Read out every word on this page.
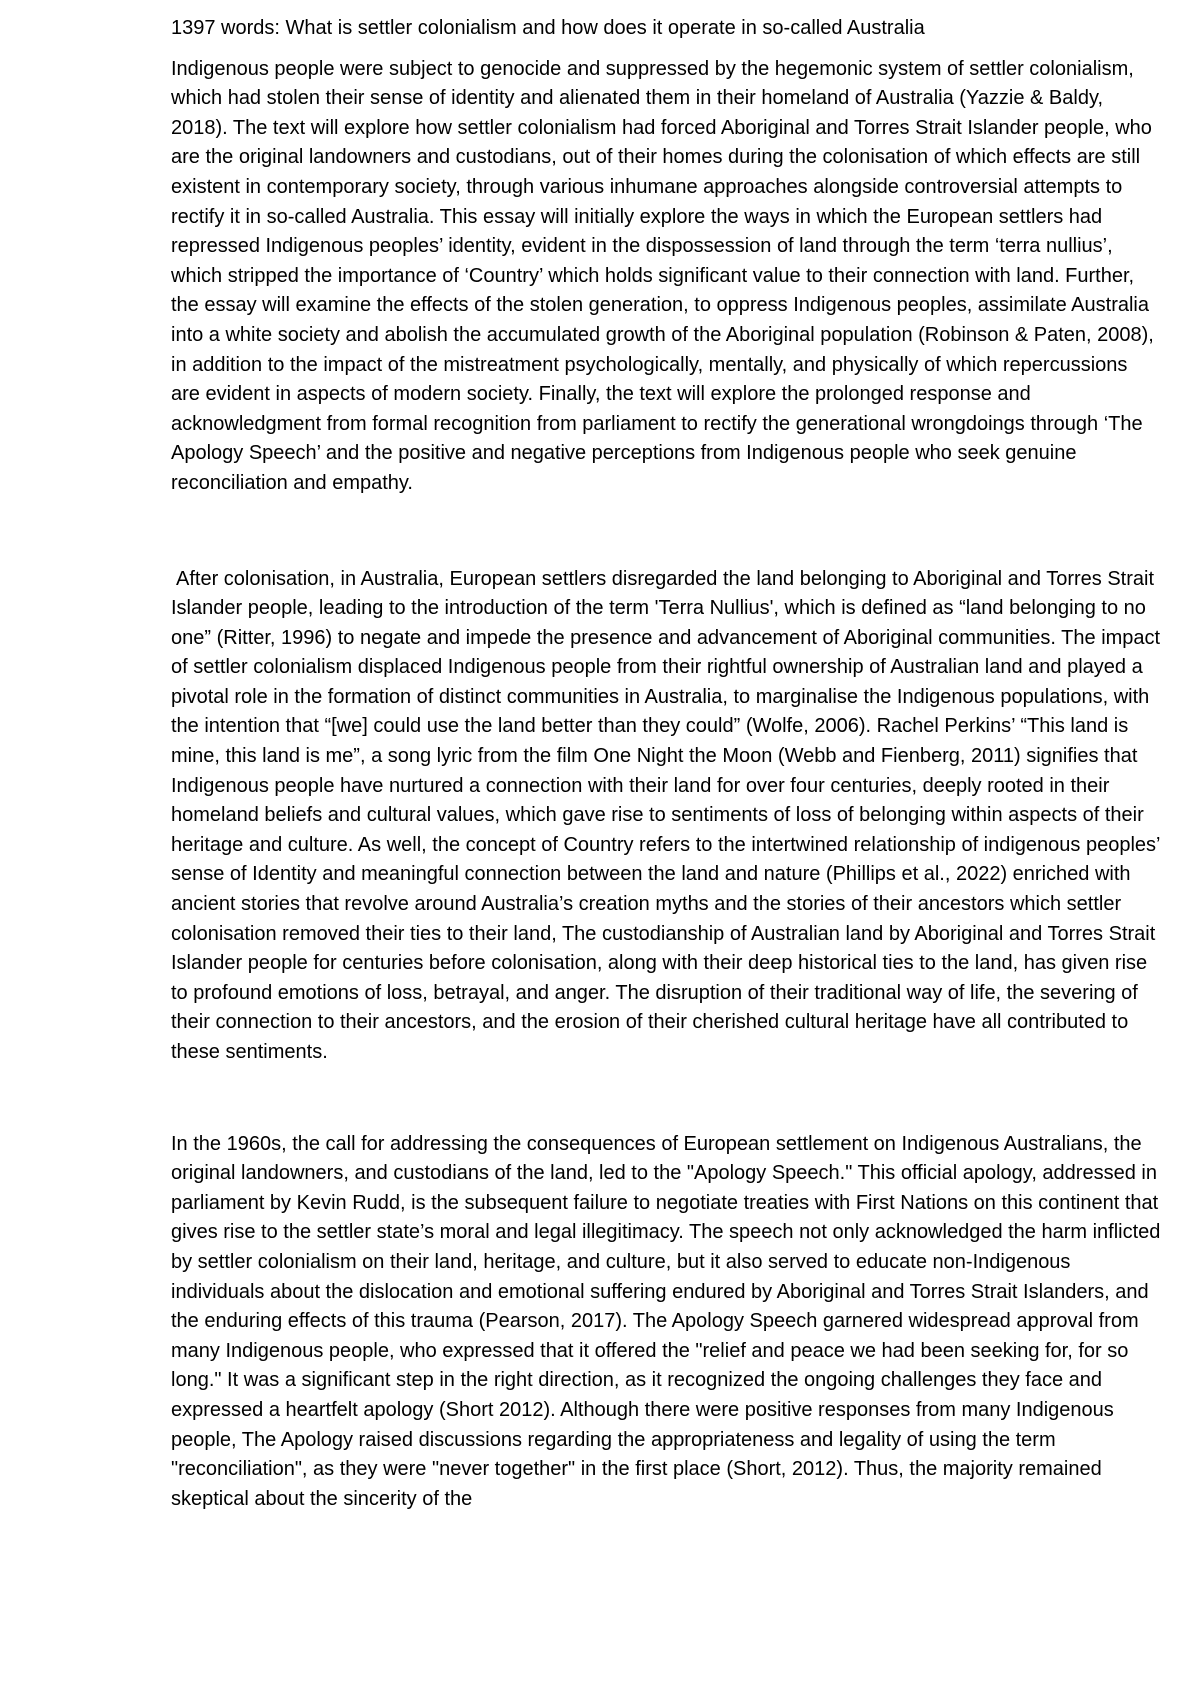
1397 words: What is settler colonialism and how does it operate in so-called Australia

Indigenous people were subject to genocide and suppressed by the hegemonic system of settler colonialism, which had stolen their sense of identity and alienated them in their homeland of Australia (Yazzie & Baldy, 2018). The text will explore how settler colonialism had forced Aboriginal and Torres Strait Islander people, who are the original landowners and custodians, out of their homes during the colonisation of which effects are still existent in contemporary society, through various inhumane approaches alongside controversial attempts to rectify it in so-called Australia. This essay will initially explore the ways in which the European settlers had repressed Indigenous peoples’ identity, evident in the dispossession of land through the term ‘terra nullius’, which stripped the importance of ‘Country’ which holds significant value to their connection with land. Further, the essay will examine the effects of the stolen generation, to oppress Indigenous peoples, assimilate Australia into a white society and abolish the accumulated growth of the Aboriginal population (Robinson & Paten, 2008), in addition to the impact of the mistreatment psychologically, mentally, and physically of which repercussions are evident in aspects of modern society. Finally, the text will explore the prolonged response and acknowledgment from formal recognition from parliament to rectify the generational wrongdoings through ‘The Apology Speech’ and the positive and negative perceptions from Indigenous people who seek genuine reconciliation and empathy.

After colonisation, in Australia, European settlers disregarded the land belonging to Aboriginal and Torres Strait Islander people, leading to the introduction of the term 'Terra Nullius', which is defined as “land belonging to no one” (Ritter, 1996) to negate and impede the presence and advancement of Aboriginal communities. The impact of settler colonialism displaced Indigenous people from their rightful ownership of Australian land and played a pivotal role in the formation of distinct communities in Australia, to marginalise the Indigenous populations, with the intention that “[we] could use the land better than they could” (Wolfe, 2006). Rachel Perkins’ “This land is mine, this land is me”, a song lyric from the film One Night the Moon (Webb and Fienberg, 2011) signifies that Indigenous people have nurtured a connection with their land for over four centuries, deeply rooted in their homeland beliefs and cultural values, which gave rise to sentiments of loss of belonging within aspects of their heritage and culture. As well, the concept of Country refers to the intertwined relationship of indigenous peoples’ sense of Identity and meaningful connection between the land and nature (Phillips et al., 2022) enriched with ancient stories that revolve around Australia’s creation myths and the stories of their ancestors which settler colonisation removed their ties to their land, The custodianship of Australian land by Aboriginal and Torres Strait Islander people for centuries before colonisation, along with their deep historical ties to the land, has given rise to profound emotions of loss, betrayal, and anger. The disruption of their traditional way of life, the severing of their connection to their ancestors, and the erosion of their cherished cultural heritage have all contributed to these sentiments.

In the 1960s, the call for addressing the consequences of European settlement on Indigenous Australians, the original landowners, and custodians of the land, led to the "Apology Speech." This official apology, addressed in parliament by Kevin Rudd, is the subsequent failure to negotiate treaties with First Nations on this continent that gives rise to the settler state’s moral and legal illegitimacy. The speech not only acknowledged the harm inflicted by settler colonialism on their land, heritage, and culture, but it also served to educate non-Indigenous individuals about the dislocation and emotional suffering endured by Aboriginal and Torres Strait Islanders, and the enduring effects of this trauma (Pearson, 2017). The Apology Speech garnered widespread approval from many Indigenous people, who expressed that it offered the "relief and peace we had been seeking for, for so long." It was a significant step in the right direction, as it recognized the ongoing challenges they face and expressed a heartfelt apology (Short 2012). Although there were positive responses from many Indigenous people, The Apology raised discussions regarding the appropriateness and legality of using the term "reconciliation", as they were "never together" in the first place (Short, 2012). Thus, the majority remained skeptical about the sincerity of the
